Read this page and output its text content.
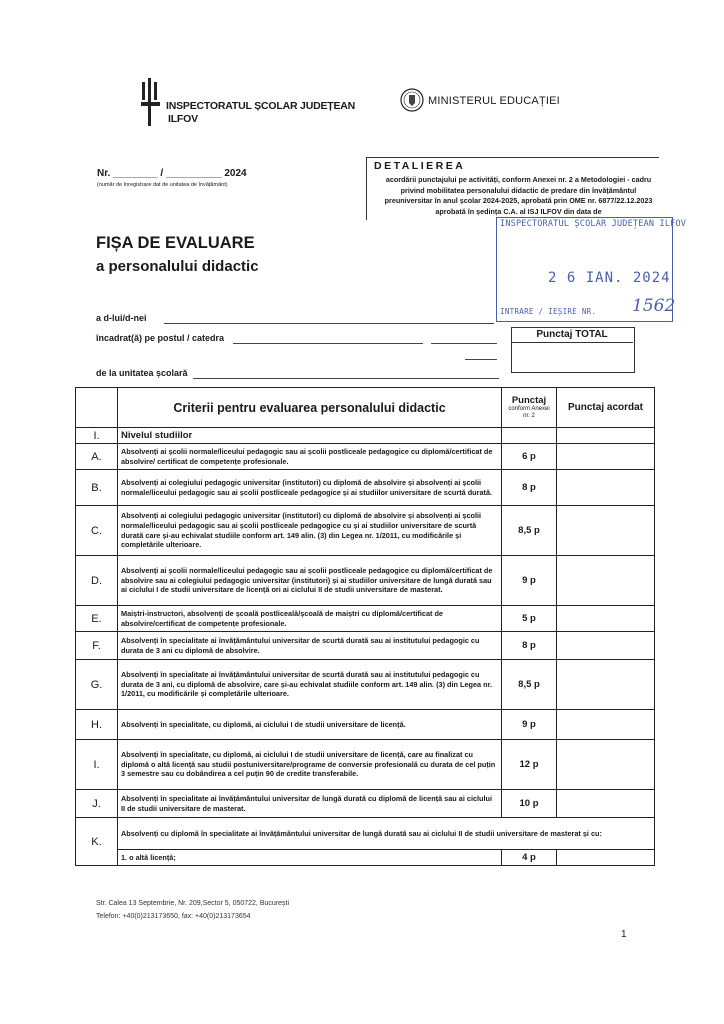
INSPECTORATUL ȘCOLAR JUDEȚEAN
ILFOV
MINISTERUL EDUCAȚIEI
Nr. ________ / __________ 2024
(număr de înregistrare dat de unitatea de învățământ)
DETALIEREA
acordării punctajului pe activități, conform Anexei nr. 2 a Metodologiei - cadru privind mobilitatea personalului didactic de predare din învățământul preuniversitar în anul școlar 2024-2025, aprobată prin OME nr. 6877/22.12.2023 aprobată în ședința C.A. al ISJ ILFOV din data de
INSPECTORATUL ȘCOLAR JUDEȚEAN ILFOV
2 6 IAN. 2024
INTRARE / IEȘIRE NR. 1562
FIȘA DE EVALUARE
a personalului didactic
a d-lui/d-nei
încadrat(ă) pe postul / catedra
de la unitatea școlară
Punctaj TOTAL
	Criterii pentru evaluarea personalului didactic	Punctaj
conform Anexei nr. 2	Punctaj acordat
I.	Nivelul studiilor		
A.	Absolvenți ai școlii normale/liceului pedagogic sau ai școlii postliceale pedagogice cu diplomă/certificat de absolvire/ certificat de competențe profesionale.	6 p	
B.	Absolvenți ai colegiului pedagogic universitar (institutori) cu diplomă de absolvire și absolvenți ai școlii normale/liceului pedagogic sau ai școlii postliceale pedagogice și ai studiilor universitare de scurtă durată.	8 p	
C.	Absolvenți ai colegiului pedagogic universitar (institutori) cu diplomă de absolvire și absolvenți ai școlii normale/liceului pedagogic sau ai școlii postliceale pedagogice cu și ai studiilor universitare de scurtă durată care și-au echivalat studiile conform art. 149 alin. (3) din Legea nr. 1/2011, cu modificările și completările ulterioare.	8,5 p	
D.	Absolvenți ai școlii normale/liceului pedagogic sau ai școlii postliceale pedagogice cu diplomă/certificat de absolvire sau ai colegiului pedagogic universitar (institutori) și ai studiilor universitare de lungă durată sau ai ciclului I de studii universitare de licență ori ai ciclului II de studii universitare de masterat.	9 p	
E.	Maiștri-instructori, absolvenți de școală postliceală/școală de maiștri cu diplomă/certificat de absolvire/certificat de competențe profesionale.	5 p	
F.	Absolvenți în specialitate ai învățământului universitar de scurtă durată sau ai institutului pedagogic cu durata de 3 ani cu diplomă de absolvire.	8 p	
G.	Absolvenți în specialitate ai învățământului universitar de scurtă durată sau ai institutului pedagogic cu durata de 3 ani, cu diplomă de absolvire, care și-au echivalat studiile conform art. 149 alin. (3) din Legea nr. 1/2011, cu modificările și completările ulterioare.	8,5 p	
H.	Absolvenți în specialitate, cu diplomă, ai ciclului I de studii universitare de licență.	9 p	
I.	Absolvenți în specialitate, cu diplomă, ai ciclului I de studii universitare de licență, care au finalizat cu diplomă o altă licență sau studii postuniversitare/programe de conversie profesională cu durata de cel puțin 3 semestre sau cu dobândirea a cel puțin 90 de credite transferabile.	12 p	
J.	Absolvenți în specialitate ai învățământului universitar de lungă durată cu diplomă de licență sau ai ciclului II de studii universitare de masterat.	10 p	
K.	Absolvenți cu diplomă în specialitate ai învățământului universitar de lungă durată sau ai ciclului II de studii universitare de masterat și cu:		
	1. o altă licență;	4 p	
Str. Calea 13 Septembrie, Nr. 209,Sector 5, 050722, București
Telefon: +40(0)213173650, fax: +40(0)213173654
1
